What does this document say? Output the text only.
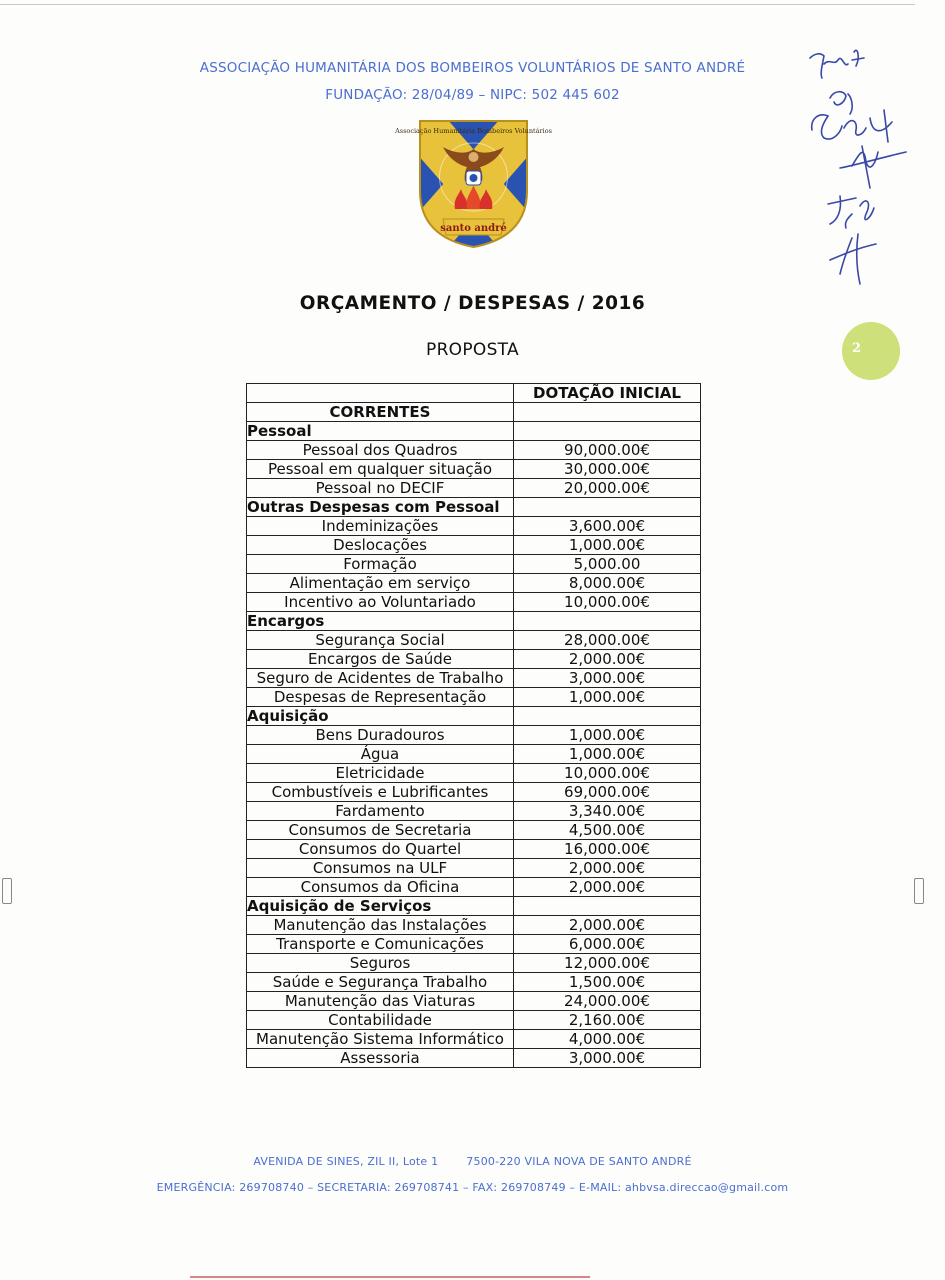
ASSOCIAÇÃO HUMANITÁRIA DOS BOMBEIROS VOLUNTÁRIOS DE SANTO ANDRÉ
FUNDAÇÃO: 28/04/89 – NIPC: 502 445 602
santo andré
Associação Humanitária Bombeiros Voluntários
ORÇAMENTO / DESPESAS / 2016
PROPOSTA	2
	DOTAÇÃO INICIAL
CORRENTES	
Pessoal	
Pessoal dos Quadros	90,000.00€
Pessoal em qualquer situação	30,000.00€
Pessoal no DECIF	20,000.00€
Outras Despesas com Pessoal	
Indeminizações	3,600.00€
Deslocações	1,000.00€
Formação	5,000.00
Alimentação em serviço	8,000.00€
Incentivo ao Voluntariado	10,000.00€
Encargos	
Segurança Social	28,000.00€
Encargos de Saúde	2,000.00€
Seguro de Acidentes de Trabalho	3,000.00€
Despesas de Representação	1,000.00€
Aquisição	
Bens Duradouros	1,000.00€
Água	1,000.00€
Eletricidade	10,000.00€
Combustíveis e Lubrificantes	69,000.00€
Fardamento	3,340.00€
Consumos de Secretaria	4,500.00€
Consumos do Quartel	16,000.00€
Consumos na ULF	2,000.00€
Consumos da Oficina	2,000.00€
Aquisição de Serviços	
Manutenção das Instalações	2,000.00€
Transporte e Comunicações	6,000.00€
Seguros	12,000.00€
Saúde e Segurança Trabalho	1,500.00€
Manutenção das Viaturas	24,000.00€
Contabilidade	2,160.00€
Manutenção Sistema Informático	4,000.00€
Assessoria	3,000.00€
AVENIDA DE SINES, ZIL II, Lote 1	7500-220 VILA NOVA DE SANTO ANDRÉ
EMERGÊNCIA: 269708740 – SECRETARIA: 269708741 – FAX: 269708749 – E-MAIL: ahbvsa.direccao@gmail.com
